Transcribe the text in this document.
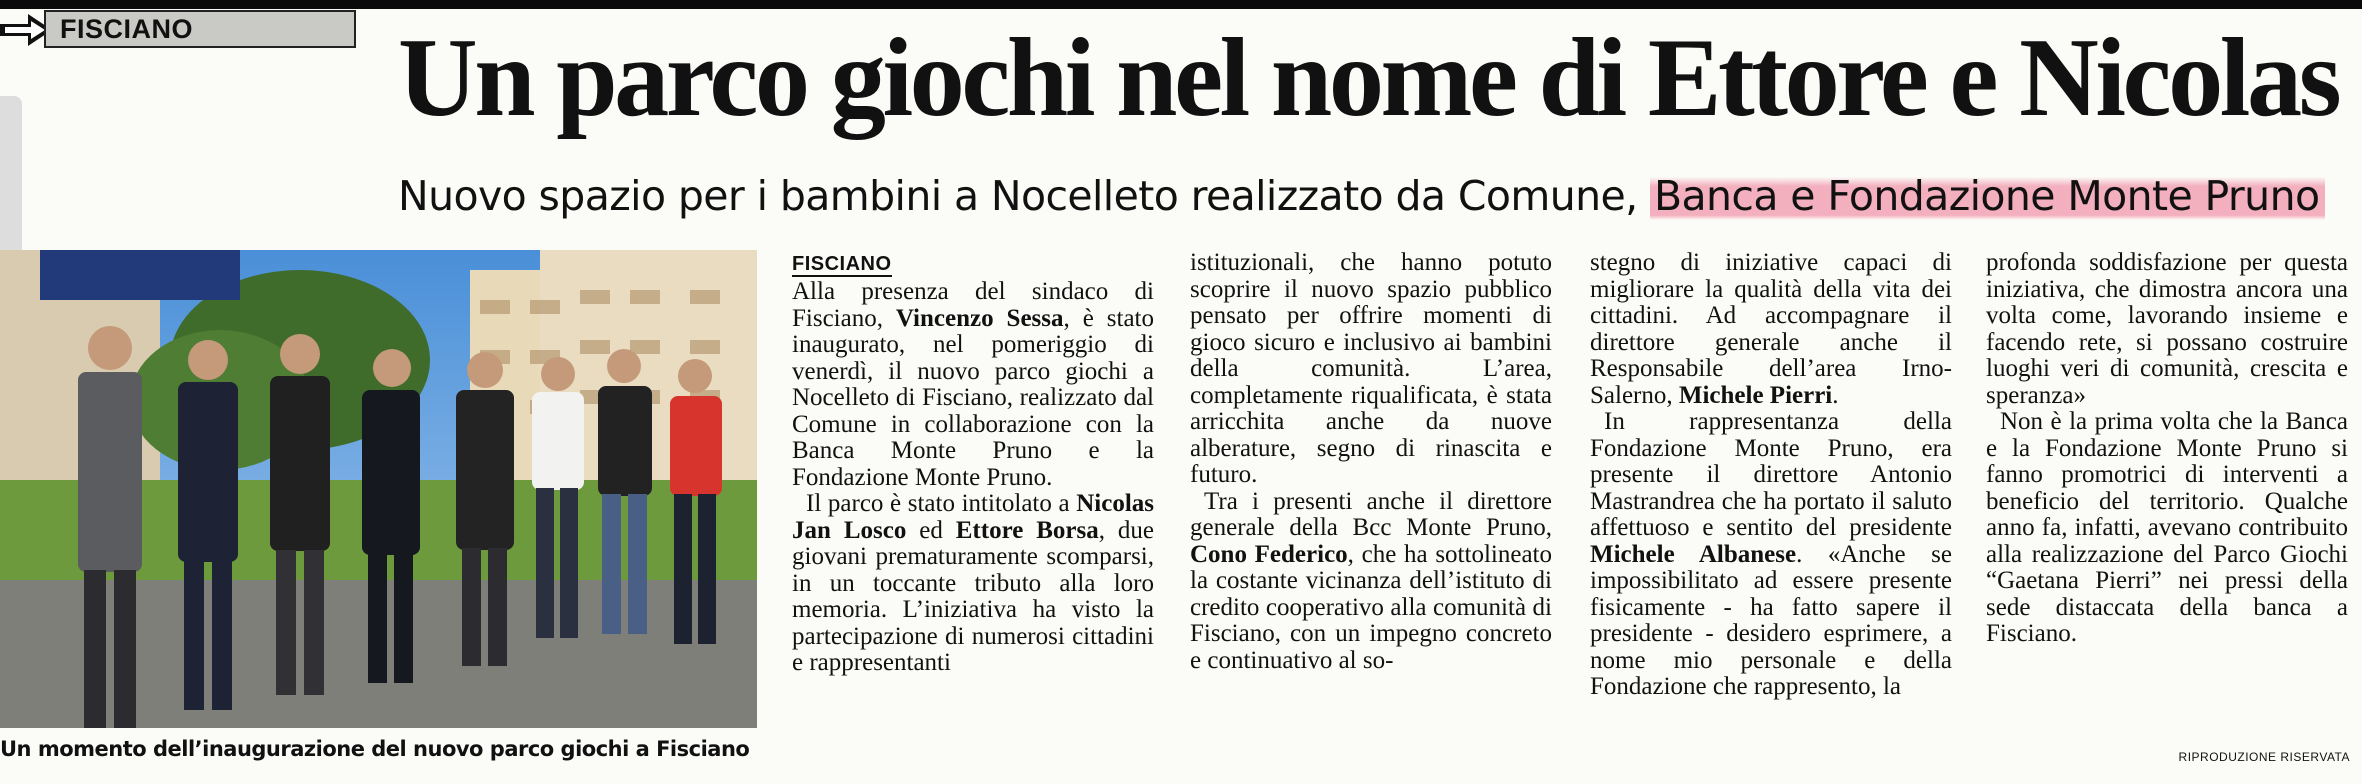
FISCIANO	Un parco giochi nel nome di Ettore e Nicolas
Nuovo spazio per i bambini a Nocelleto realizzato da Comune, Banca e Fondazione Monte Pruno
Un momento dell’inaugurazione del nuovo parco giochi a Fisciano
FISCIANO

Alla presenza del sindaco di Fisciano, Vincenzo Sessa, è stato inaugurato, nel pomeriggio di venerdì, il nuovo parco giochi a Nocelleto di Fisciano, realizzato dal Comune in collaborazione con la Banca Monte Pruno e la Fondazione Monte Pruno.

Il parco è stato intitolato a Nicolas Jan Losco ed Ettore Borsa, due giovani prematuramente scomparsi, in un toccante tributo alla loro memoria. L’iniziativa ha visto la partecipazione di numerosi cittadini e rappresentanti

istituzionali, che hanno potuto scoprire il nuovo spazio pubblico pensato per offrire momenti di gioco sicuro e inclusivo ai bambini della comunità. L’area, completamente riqualificata, è stata arricchita anche da nuove alberature, segno di rinascita e futuro.

Tra i presenti anche il direttore generale della Bcc Monte Pruno, Cono Federico, che ha sottolineato la costante vicinanza dell’istituto di credito cooperativo alla comunità di Fisciano, con un impegno concreto e continuativo al so-

stegno di iniziative capaci di migliorare la qualità della vita dei cittadini. Ad accompagnare il direttore generale anche il Responsabile dell’area Irno-Salerno, Michele Pierri.

In rappresentanza della Fondazione Monte Pruno, era presente il direttore Antonio Mastrandrea che ha portato il saluto affettuoso e sentito del presidente Michele Albanese. «Anche se impossibilitato ad essere presente fisicamente - ha fatto sapere il presidente - desidero esprimere, a nome mio personale e della Fondazione che rappresento, la

profonda soddisfazione per questa iniziativa, che dimostra ancora una volta come, lavorando insieme e facendo rete, si possano costruire luoghi veri di comunità, crescita e speranza»

Non è la prima volta che la Banca e la Fondazione Monte Pruno si fanno promotrici di interventi a beneficio del territorio. Qualche anno fa, infatti, avevano contribuito alla realizzazione del Parco Giochi “Gaetana Pierri” nei pressi della sede distaccata della banca a Fisciano.

RIPRODUZIONE RISERVATA
